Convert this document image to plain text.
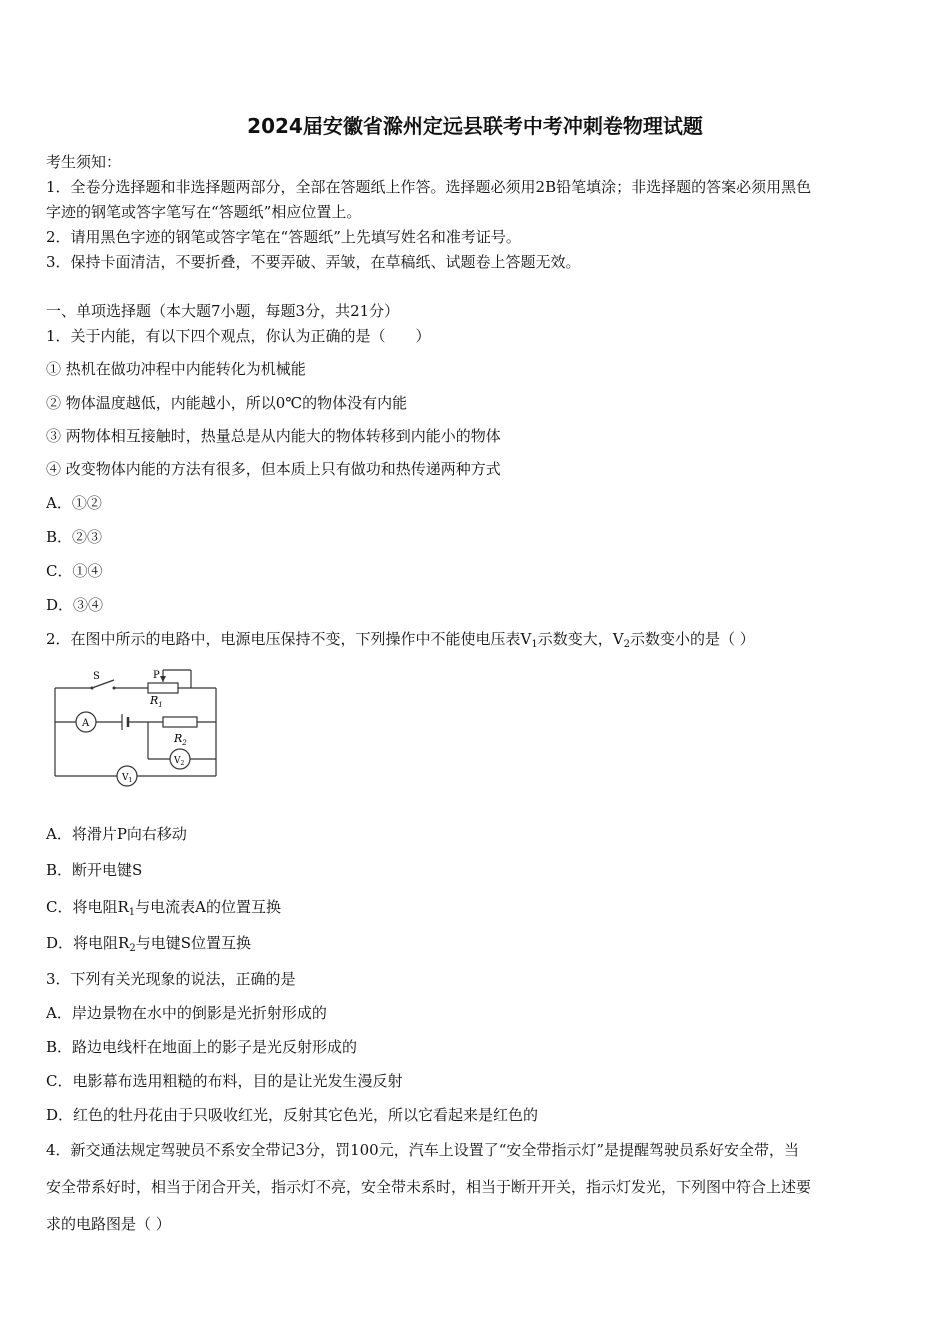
2024届安徽省滁州定远县联考中考冲刺卷物理试题
考生须知：
1．全卷分选择题和非选择题两部分，全部在答题纸上作答。选择题必须用2B铅笔填涂；非选择题的答案必须用黑色
字迹的钢笔或答字笔写在“答题纸”相应位置上。
2．请用黑色字迹的钢笔或答字笔在“答题纸”上先填写姓名和准考证号。
3．保持卡面清洁，不要折叠，不要弄破、弄皱，在草稿纸、试题卷上答题无效。
一、单项选择题（本大题7小题，每题3分，共21分）
1．关于内能，有以下四个观点，你认为正确的是（　　）
① 热机在做功冲程中内能转化为机械能
② 物体温度越低，内能越小，所以0℃的物体没有内能
③ 两物体相互接触时，热量总是从内能大的物体转移到内能小的物体
④ 改变物体内能的方法有很多，但本质上只有做功和热传递两种方式
A．①②
B．②③
C．①④
D．③④
2．在图中所示的电路中，电源电压保持不变，下列操作中不能使电压表$V_1$示数变大，$V_2$示数变小的是（ ）
S	P
$R_1$
$R_2$
A
$V_1$
$V_2$
A．将滑片P向右移动
B．断开电键S
C．将电阻$R_1$与电流表A的位置互换
D．将电阻$R_2$与电键S位置互换
3．下列有关光现象的说法，正确的是
A．岸边景物在水中的倒影是光折射形成的
B．路边电线杆在地面上的影子是光反射形成的
C．电影幕布选用粗糙的布料，目的是让光发生漫反射
D．红色的牡丹花由于只吸收红光，反射其它色光，所以它看起来是红色的
4．新交通法规定驾驶员不系安全带记3分，罚100元，汽车上设置了“安全带指示灯”是提醒驾驶员系好安全带，当
安全带系好时，相当于闭合开关，指示灯不亮，安全带未系时，相当于断开开关，指示灯发光，下列图中符合上述要
求的电路图是（ ）
